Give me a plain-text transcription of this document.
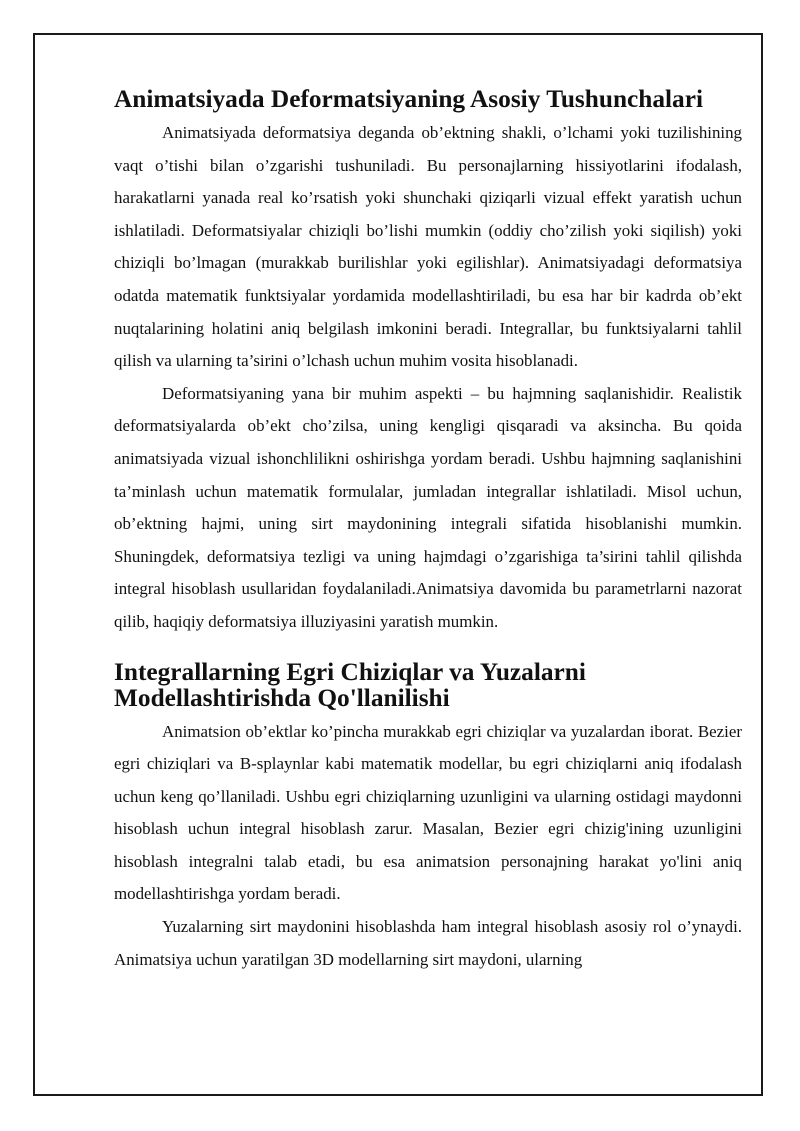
Animatsiyada Deformatsiyaning Asosiy Tushunchalari

Animatsiyada deformatsiya deganda ob’ektning shakli, o’lchami yoki tuzilishining vaqt o’tishi bilan o’zgarishi tushuniladi. Bu personajlarning hissiyotlarini ifodalash, harakatlarni yanada real ko’rsatish yoki shunchaki qiziqarli vizual effekt yaratish uchun ishlatiladi. Deformatsiyalar chiziqli bo’lishi mumkin (oddiy cho’zilish yoki siqilish) yoki chiziqli bo’lmagan (murakkab burilishlar yoki egilishlar). Animatsiyadagi deformatsiya odatda matematik funktsiyalar yordamida modellashtiriladi, bu esa har bir kadrda ob’ekt nuqtalarining holatini aniq belgilash imkonini beradi. Integrallar, bu funktsiyalarni tahlil qilish va ularning ta’sirini o’lchash uchun muhim vosita hisoblanadi.

Deformatsiyaning yana bir muhim aspekti – bu hajmning saqlanishidir. Realistik deformatsiyalarda ob’ekt cho’zilsa, uning kengligi qisqaradi va aksincha. Bu qoida animatsiyada vizual ishonchlilikni oshirishga yordam beradi. Ushbu hajmning saqlanishini ta’minlash uchun matematik formulalar, jumladan integrallar ishlatiladi. Misol uchun, ob’ektning hajmi, uning sirt maydonining integrali sifatida hisoblanishi mumkin. Shuningdek, deformatsiya tezligi va uning hajmdagi o’zgarishiga ta’sirini tahlil qilishda integral hisoblash usullaridan foydalaniladi.Animatsiya davomida bu parametrlarni nazorat qilib, haqiqiy deformatsiya illuziyasini yaratish mumkin.

Integrallarning Egri Chiziqlar va Yuzalarni Modellashtirishda Qo'llanilishi

Animatsion ob’ektlar ko’pincha murakkab egri chiziqlar va yuzalardan iborat. Bezier egri chiziqlari va B-splaynlar kabi matematik modellar, bu egri chiziqlarni aniq ifodalash uchun keng qo’llaniladi. Ushbu egri chiziqlarning uzunligini va ularning ostidagi maydonni hisoblash uchun integral hisoblash zarur. Masalan, Bezier egri chizig'ining uzunligini hisoblash integralni talab etadi, bu esa animatsion personajning harakat yo'lini aniq modellashtirishga yordam beradi.

Yuzalarning sirt maydonini hisoblashda ham integral hisoblash asosiy rol o’ynaydi. Animatsiya uchun yaratilgan 3D modellarning sirt maydoni, ularning
